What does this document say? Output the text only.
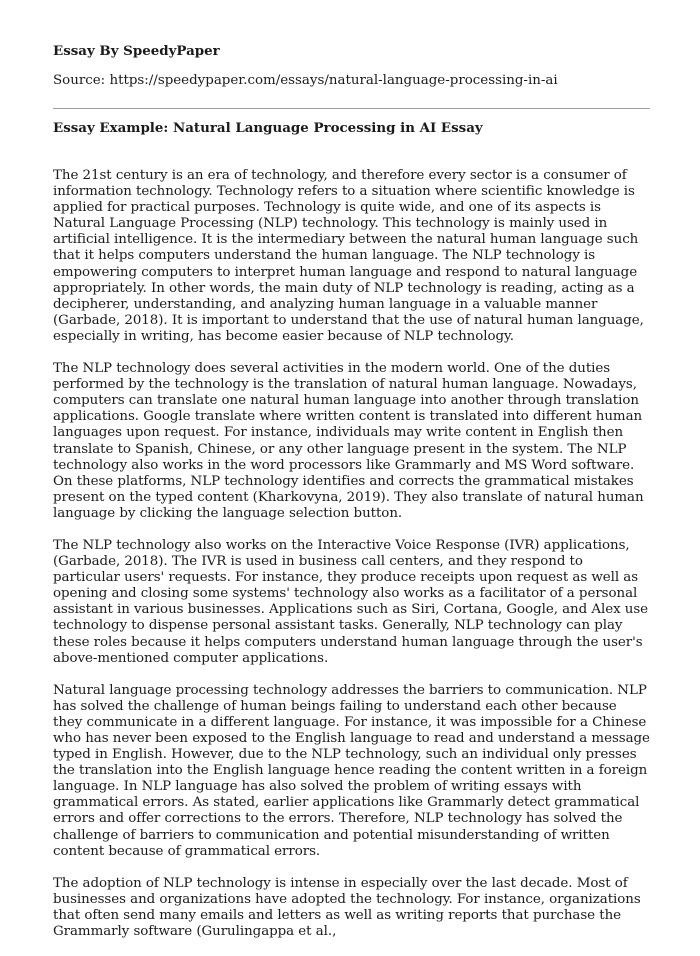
Essay By SpeedyPaper
Source: https://speedypaper.com/essays/natural-language-processing-in-ai
Essay Example: Natural Language Processing in AI Essay

The 21st century is an era of technology, and therefore every sector is a consumer of information technology. Technology refers to a situation where scientific knowledge is applied for practical purposes. Technology is quite wide, and one of its aspects is Natural Language Processing (NLP) technology. This technology is mainly used in artificial intelligence. It is the intermediary between the natural human language such that it helps computers understand the human language. The NLP technology is empowering computers to interpret human language and respond to natural language appropriately. In other words, the main duty of NLP technology is reading, acting as a decipherer, understanding, and analyzing human language in a valuable manner (Garbade, 2018). It is important to understand that the use of natural human language, especially in writing, has become easier because of NLP technology.

The NLP technology does several activities in the modern world. One of the duties performed by the technology is the translation of natural human language. Nowadays, computers can translate one natural human language into another through translation applications. Google translate where written content is translated into different human languages upon request. For instance, individuals may write content in English then translate to Spanish, Chinese, or any other language present in the system. The NLP technology also works in the word processors like Grammarly and MS Word software. On these platforms, NLP technology identifies and corrects the grammatical mistakes present on the typed content (Kharkovyna, 2019). They also translate of natural human language by clicking the language selection button.

The NLP technology also works on the Interactive Voice Response (IVR) applications, (Garbade, 2018). The IVR is used in business call centers, and they respond to particular users' requests. For instance, they produce receipts upon request as well as opening and closing some systems' technology also works as a facilitator of a personal assistant in various businesses. Applications such as Siri, Cortana, Google, and Alex use technology to dispense personal assistant tasks. Generally, NLP technology can play these roles because it helps computers understand human language through the user's above-mentioned computer applications.

Natural language processing technology addresses the barriers to communication. NLP has solved the challenge of human beings failing to understand each other because they communicate in a different language. For instance, it was impossible for a Chinese who has never been exposed to the English language to read and understand a message typed in English. However, due to the NLP technology, such an individual only presses the translation into the English language hence reading the content written in a foreign language. In NLP language has also solved the problem of writing essays with grammatical errors. As stated, earlier applications like Grammarly detect grammatical errors and offer corrections to the errors. Therefore, NLP technology has solved the challenge of barriers to communication and potential misunderstanding of written content because of grammatical errors.

The adoption of NLP technology is intense in especially over the last decade. Most of businesses and organizations have adopted the technology. For instance, organizations that often send many emails and letters as well as writing reports that purchase the Grammarly software (Gurulingappa et al.,
